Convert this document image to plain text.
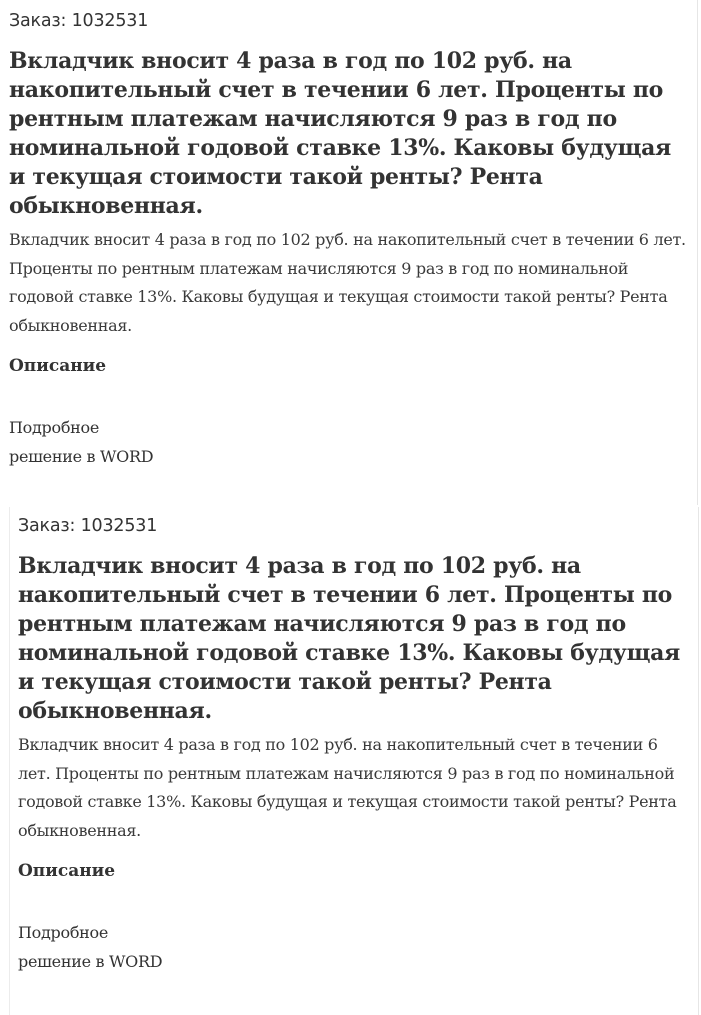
Заказ: 1032531

Вкладчик вносит 4 раза в год по 102 руб. на накопительный счет в течении 6 лет. Проценты по рентным платежам начисляются 9 раз в год по номинальной годовой ставке 13%. Каковы будущая и текущая стоимости такой ренты? Рента обыкновенная.

Вкладчик вносит 4 раза в год по 102 руб. на накопительный счет в течении 6 лет. Проценты по рентным платежам начисляются 9 раз в год по номинальной годовой ставке 13%. Каковы будущая и текущая стоимости такой ренты? Рента обыкновенная.

Описание

Подробное
решение в WORD

Заказ: 1032531

Вкладчик вносит 4 раза в год по 102 руб. на накопительный счет в течении 6 лет. Проценты по рентным платежам начисляются 9 раз в год по номинальной годовой ставке 13%. Каковы будущая и текущая стоимости такой ренты? Рента обыкновенная.

Вкладчик вносит 4 раза в год по 102 руб. на накопительный счет в течении 6 лет. Проценты по рентным платежам начисляются 9 раз в год по номинальной годовой ставке 13%. Каковы будущая и текущая стоимости такой ренты? Рента обыкновенная.

Описание

Подробное
решение в WORD
